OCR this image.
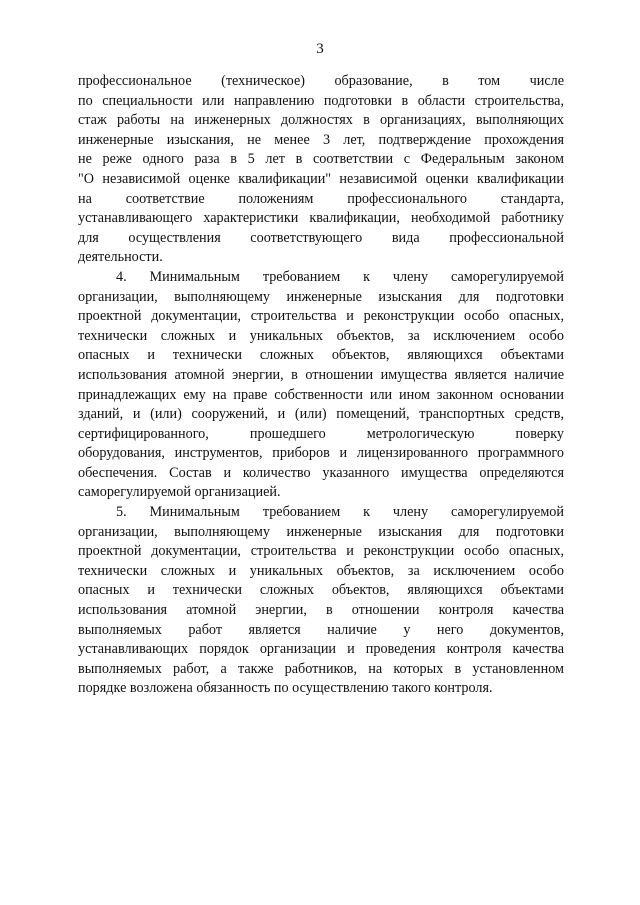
3
профессиональное (техническое) образование, в том числе
по специальности или направлению подготовки в области строительства,
стаж работы на инженерных должностях в организациях, выполняющих
инженерные изыскания, не менее 3 лет, подтверждение прохождения
не реже одного раза в 5 лет в соответствии с Федеральным законом
"О независимой оценке квалификации" независимой оценки квалификации
на соответствие положениям профессионального стандарта,
устанавливающего характеристики квалификации, необходимой работнику
для осуществления соответствующего вида профессиональной
деятельности.
4. Минимальным требованием к члену саморегулируемой
организации, выполняющему инженерные изыскания для подготовки
проектной документации, строительства и реконструкции особо опасных,
технически сложных и уникальных объектов, за исключением особо
опасных и технически сложных объектов, являющихся объектами
использования атомной энергии, в отношении имущества является наличие
принадлежащих ему на праве собственности или ином законном основании
зданий, и (или) сооружений, и (или) помещений, транспортных средств,
сертифицированного, прошедшего метрологическую поверку
оборудования, инструментов, приборов и лицензированного программного
обеспечения. Состав и количество указанного имущества определяются
саморегулируемой организацией.
5. Минимальным требованием к члену саморегулируемой
организации, выполняющему инженерные изыскания для подготовки
проектной документации, строительства и реконструкции особо опасных,
технически сложных и уникальных объектов, за исключением особо
опасных и технически сложных объектов, являющихся объектами
использования атомной энергии, в отношении контроля качества
выполняемых работ является наличие у него документов,
устанавливающих порядок организации и проведения контроля качества
выполняемых работ, а также работников, на которых в установленном
порядке возложена обязанность по осуществлению такого контроля.
